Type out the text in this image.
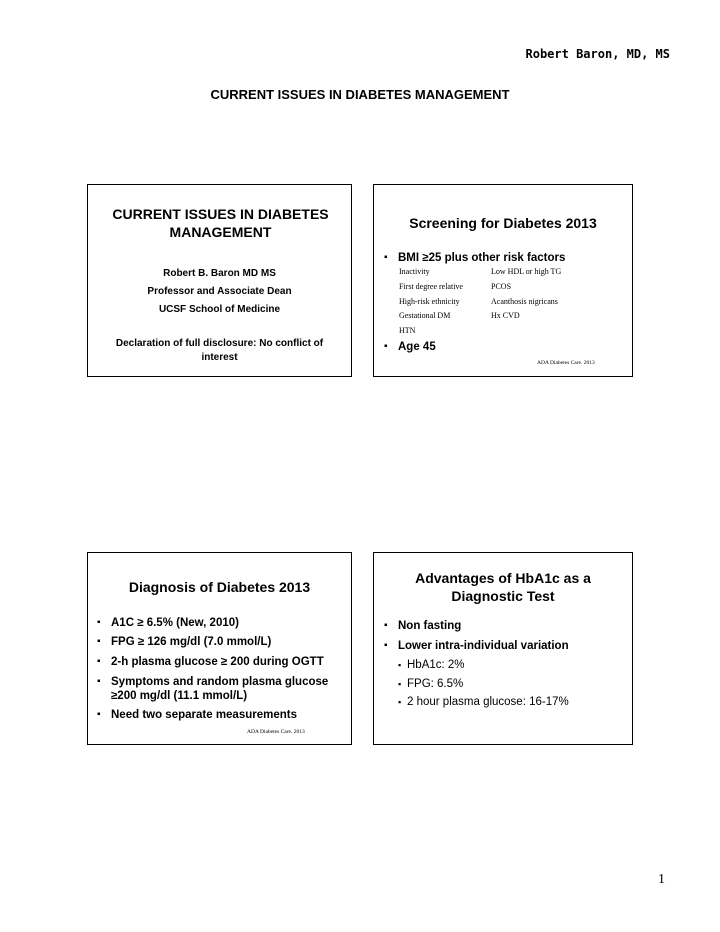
Robert Baron, MD, MS
CURRENT ISSUES IN DIABETES MANAGEMENT
CURRENT ISSUES IN DIABETES MANAGEMENT
Robert B. Baron MD MS
Professor and Associate Dean
UCSF School of Medicine
Declaration of full disclosure: No conflict of interest
Screening for Diabetes 2013
▪ BMI ≥25 plus other risk factors
Inactivity	Low HDL or high TG
First degree relative	PCOS
High-risk ethnicity	Acanthosis nigricans
Gestational DM	Hx CVD
HTN
▪ Age 45
ADA Diabetes Care. 2013
Diagnosis of Diabetes 2013
▪ A1C ≥ 6.5% (New, 2010)
▪ FPG ≥ 126 mg/dl (7.0 mmol/L)
▪ 2-h plasma glucose ≥ 200 during OGTT
▪ Symptoms and random plasma glucose ≥200 mg/dl (11.1 mmol/L)
▪ Need two separate measurements
ADA Diabetes Care. 2013
Advantages of HbA1c as a Diagnostic Test
▪ Non fasting
▪ Lower intra-individual variation
▪ HbA1c: 2%
▪ FPG: 6.5%
▪ 2 hour plasma glucose: 16-17%
1
